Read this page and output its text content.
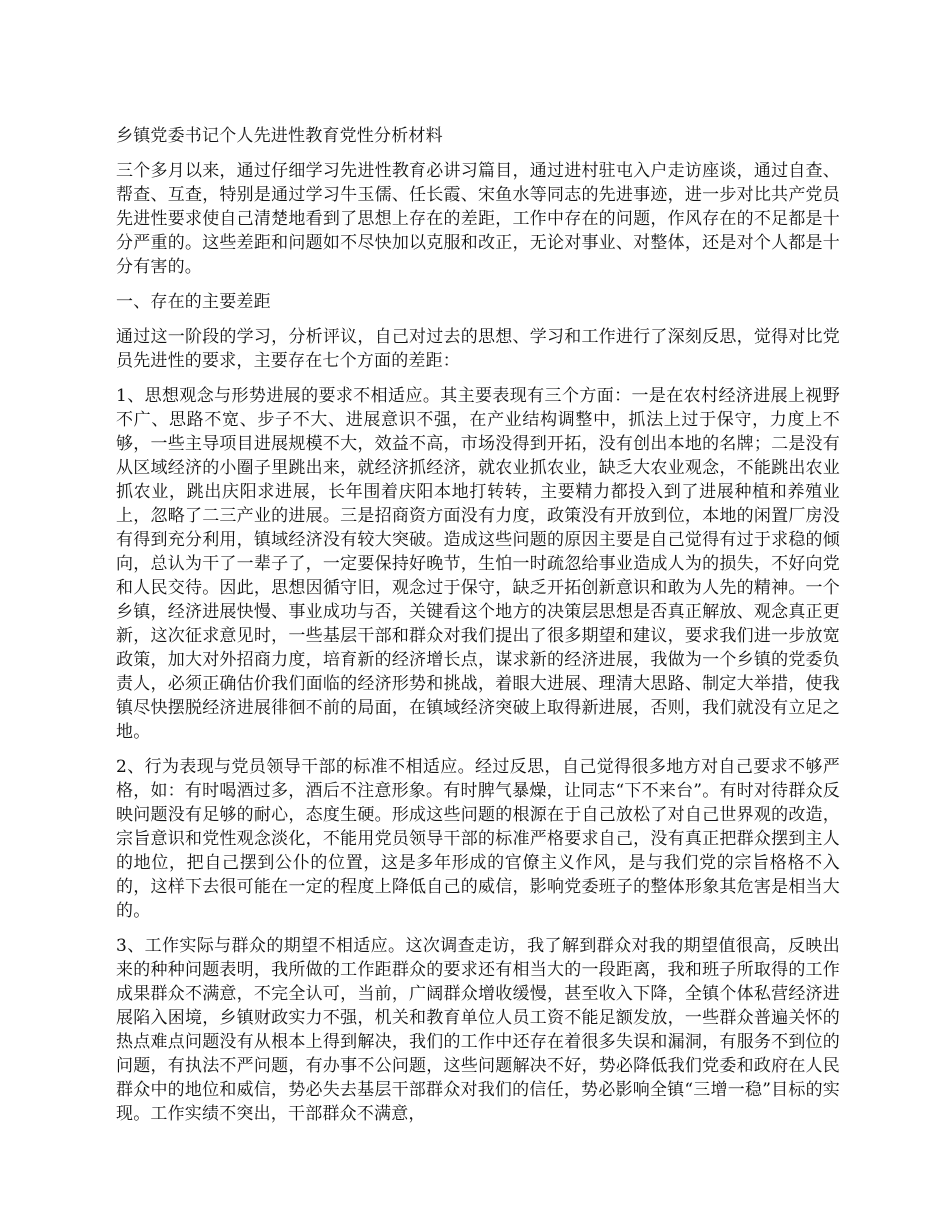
乡镇党委书记个人先进性教育党性分析材料

三个多月以来，通过仔细学习先进性教育必讲习篇目，通过进村驻屯入户走访座谈，通过自查、帮查、互查，特别是通过学习牛玉儒、任长霞、宋鱼水等同志的先进事迹，进一步对比共产党员先进性要求使自己清楚地看到了思想上存在的差距，工作中存在的问题，作风存在的不足都是十分严重的。这些差距和问题如不尽快加以克服和改正，无论对事业、对整体，还是对个人都是十分有害的。

一、存在的主要差距

通过这一阶段的学习，分析评议，自己对过去的思想、学习和工作进行了深刻反思，觉得对比党员先进性的要求，主要存在七个方面的差距：

1、思想观念与形势进展的要求不相适应。其主要表现有三个方面：一是在农村经济进展上视野不广、思路不宽、步子不大、进展意识不强，在产业结构调整中，抓法上过于保守，力度上不够，一些主导项目进展规模不大，效益不高，市场没得到开拓，没有创出本地的名牌；二是没有从区域经济的小圈子里跳出来，就经济抓经济，就农业抓农业，缺乏大农业观念，不能跳出农业抓农业，跳出庆阳求进展，长年围着庆阳本地打转转，主要精力都投入到了进展种植和养殖业上，忽略了二三产业的进展。三是招商资方面没有力度，政策没有开放到位，本地的闲置厂房没有得到充分利用，镇域经济没有较大突破。造成这些问题的原因主要是自己觉得有过于求稳的倾向，总认为干了一辈子了，一定要保持好晚节，生怕一时疏忽给事业造成人为的损失，不好向党和人民交待。因此，思想因循守旧，观念过于保守，缺乏开拓创新意识和敢为人先的精神。一个乡镇，经济进展快慢、事业成功与否，关键看这个地方的决策层思想是否真正解放、观念真正更新，这次征求意见时，一些基层干部和群众对我们提出了很多期望和建议，要求我们进一步放宽政策，加大对外招商力度，培育新的经济增长点，谋求新的经济进展，我做为一个乡镇的党委负责人，必须正确估价我们面临的经济形势和挑战，着眼大进展、理清大思路、制定大举措，使我镇尽快摆脱经济进展徘徊不前的局面，在镇域经济突破上取得新进展，否则，我们就没有立足之地。

2、行为表现与党员领导干部的标准不相适应。经过反思，自己觉得很多地方对自己要求不够严格，如：有时喝酒过多，酒后不注意形象。有时脾气暴燥，让同志“下不来台”。有时对待群众反映问题没有足够的耐心，态度生硬。形成这些问题的根源在于自己放松了对自己世界观的改造，宗旨意识和党性观念淡化，不能用党员领导干部的标准严格要求自己，没有真正把群众摆到主人的地位，把自己摆到公仆的位置，这是多年形成的官僚主义作风，是与我们党的宗旨格格不入的，这样下去很可能在一定的程度上降低自己的威信，影响党委班子的整体形象其危害是相当大的。

3、工作实际与群众的期望不相适应。这次调查走访，我了解到群众对我的期望值很高，反映出来的种种问题表明，我所做的工作距群众的要求还有相当大的一段距离，我和班子所取得的工作成果群众不满意，不完全认可，当前，广阔群众增收缓慢，甚至收入下降，全镇个体私营经济进展陷入困境，乡镇财政实力不强，机关和教育单位人员工资不能足额发放，一些群众普遍关怀的热点难点问题没有从根本上得到解决，我们的工作中还存在着很多失误和漏洞，有服务不到位的问题，有执法不严问题，有办事不公问题，这些问题解决不好，势必降低我们党委和政府在人民群众中的地位和威信，势必失去基层干部群众对我们的信任，势必影响全镇“三增一稳”目标的实现。工作实绩不突出，干部群众不满意，
